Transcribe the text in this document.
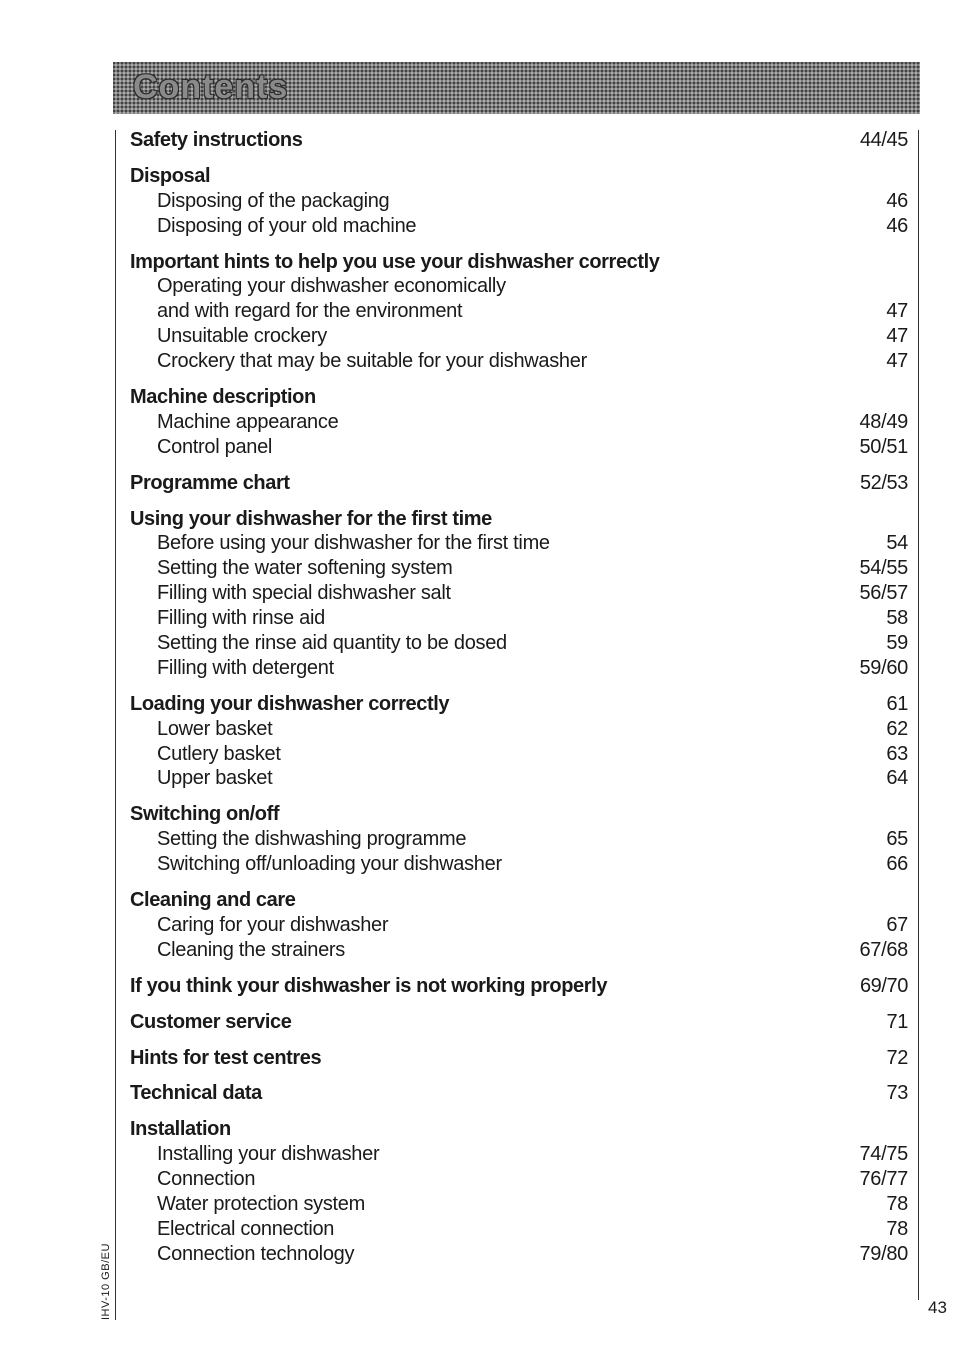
Contents
Safety instructions	44/45
Disposal
Disposing of the packaging	46
Disposing of your old machine	46
Important hints to help you use your dishwasher correctly
Operating your dishwasher economically
and with regard for the environment	47
Unsuitable crockery	47
Crockery that may be suitable for your dishwasher	47
Machine description
Machine appearance	48/49
Control panel	50/51
Programme chart	52/53
Using your dishwasher for the first time
Before using your dishwasher for the first time	54
Setting the water softening system	54/55
Filling with special dishwasher salt	56/57
Filling with rinse aid	58
Setting the rinse aid quantity to be dosed	59
Filling with detergent	59/60
Loading your dishwasher correctly	61
Lower basket	62
Cutlery basket	63
Upper basket	64
Switching on/off
Setting the dishwashing programme	65
Switching off/unloading your dishwasher	66
Cleaning and care
Caring for your dishwasher	67
Cleaning the strainers	67/68
If you think your dishwasher is not working properly	69/70
Customer service	71
Hints for test centres	72
Technical data	73
Installation
Installing your dishwasher	74/75
Connection	76/77
Water protection system	78
Electrical connection	78
Connection technology	79/80
43
IHV-10 GB/EU
